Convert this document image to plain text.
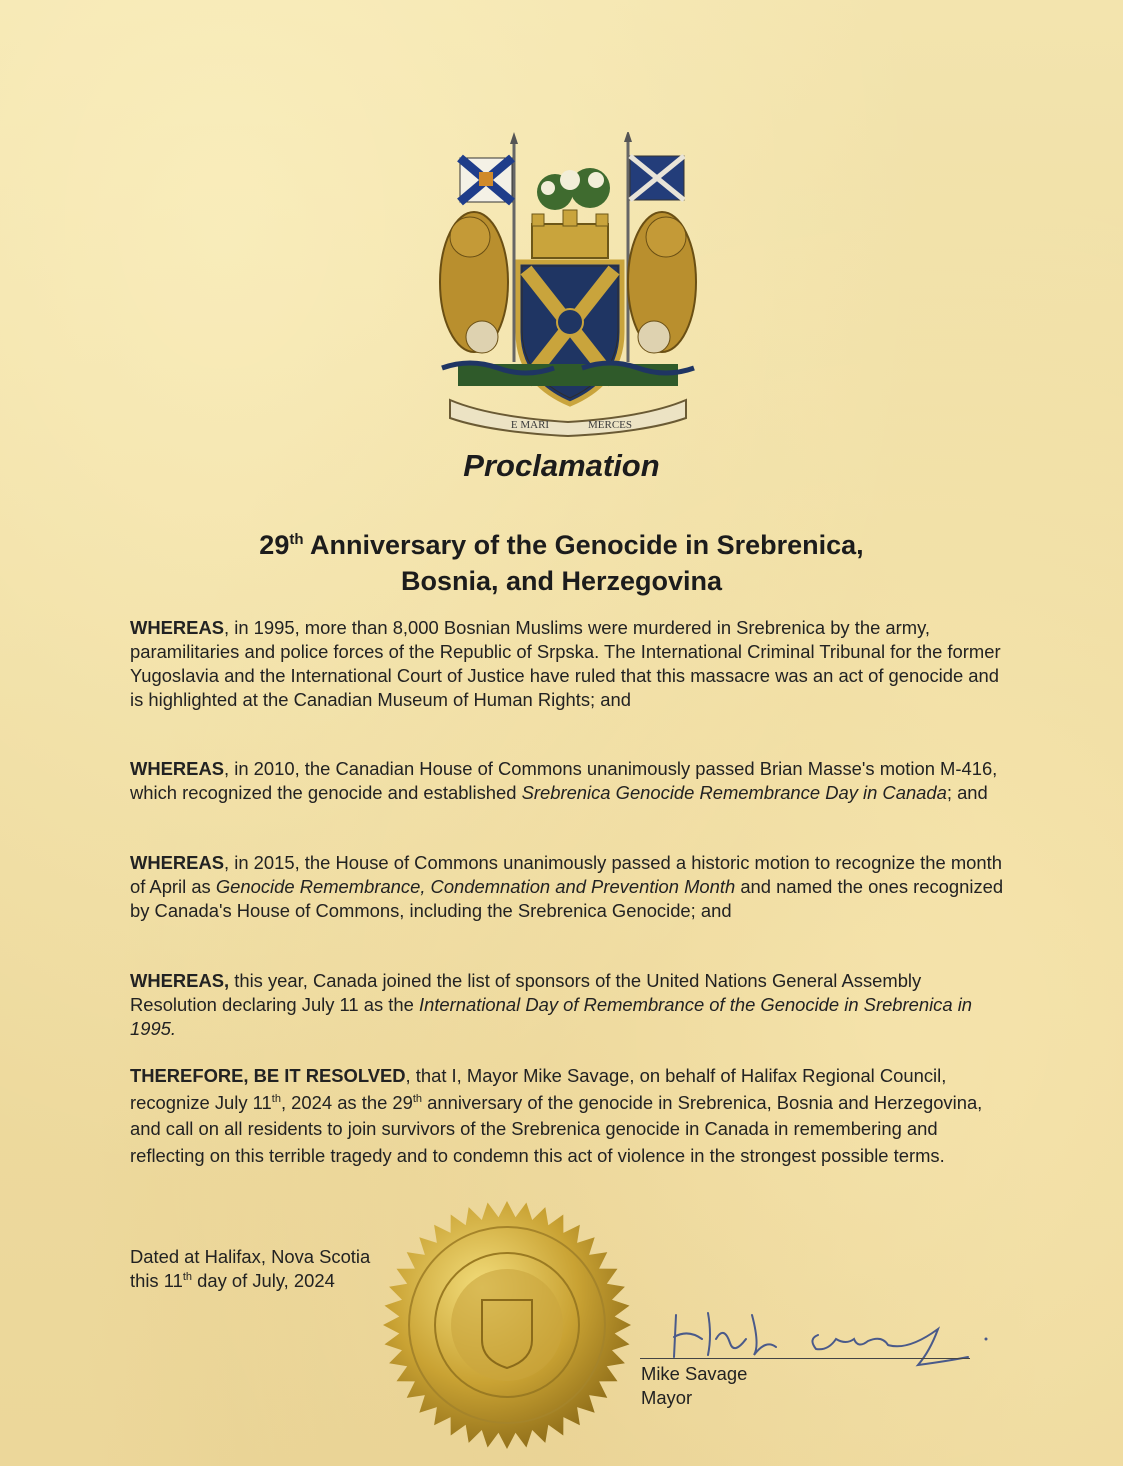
E MARI	MERCES
Proclamation
29th Anniversary of the Genocide in Srebrenica,
Bosnia, and Herzegovina
WHEREAS, in 1995, more than 8,000 Bosnian Muslims were murdered in Srebrenica by the army, paramilitaries and police forces of the Republic of Srpska. The International Criminal Tribunal for the former Yugoslavia and the International Court of Justice have ruled that this massacre was an act of genocide and is highlighted at the Canadian Museum of Human Rights; and
WHEREAS, in 2010, the Canadian House of Commons unanimously passed Brian Masse's motion M-416, which recognized the genocide and established Srebrenica Genocide Remembrance Day in Canada; and
WHEREAS, in 2015, the House of Commons unanimously passed a historic motion to recognize the month of April as Genocide Remembrance, Condemnation and Prevention Month and named the ones recognized by Canada's House of Commons, including the Srebrenica Genocide; and
WHEREAS, this year, Canada joined the list of sponsors of the United Nations General Assembly Resolution declaring July 11 as the International Day of Remembrance of the Genocide in Srebrenica in 1995.
THEREFORE, BE IT RESOLVED, that I, Mayor Mike Savage, on behalf of Halifax Regional Council, recognize July 11th, 2024 as the 29th anniversary of the genocide in Srebrenica, Bosnia and Herzegovina, and call on all residents to join survivors of the Srebrenica genocide in Canada in remembering and reflecting on this terrible tragedy and to condemn this act of violence in the strongest possible terms.
Dated at Halifax, Nova Scotia
this 11th day of July, 2024
Mike Savage
Mayor
